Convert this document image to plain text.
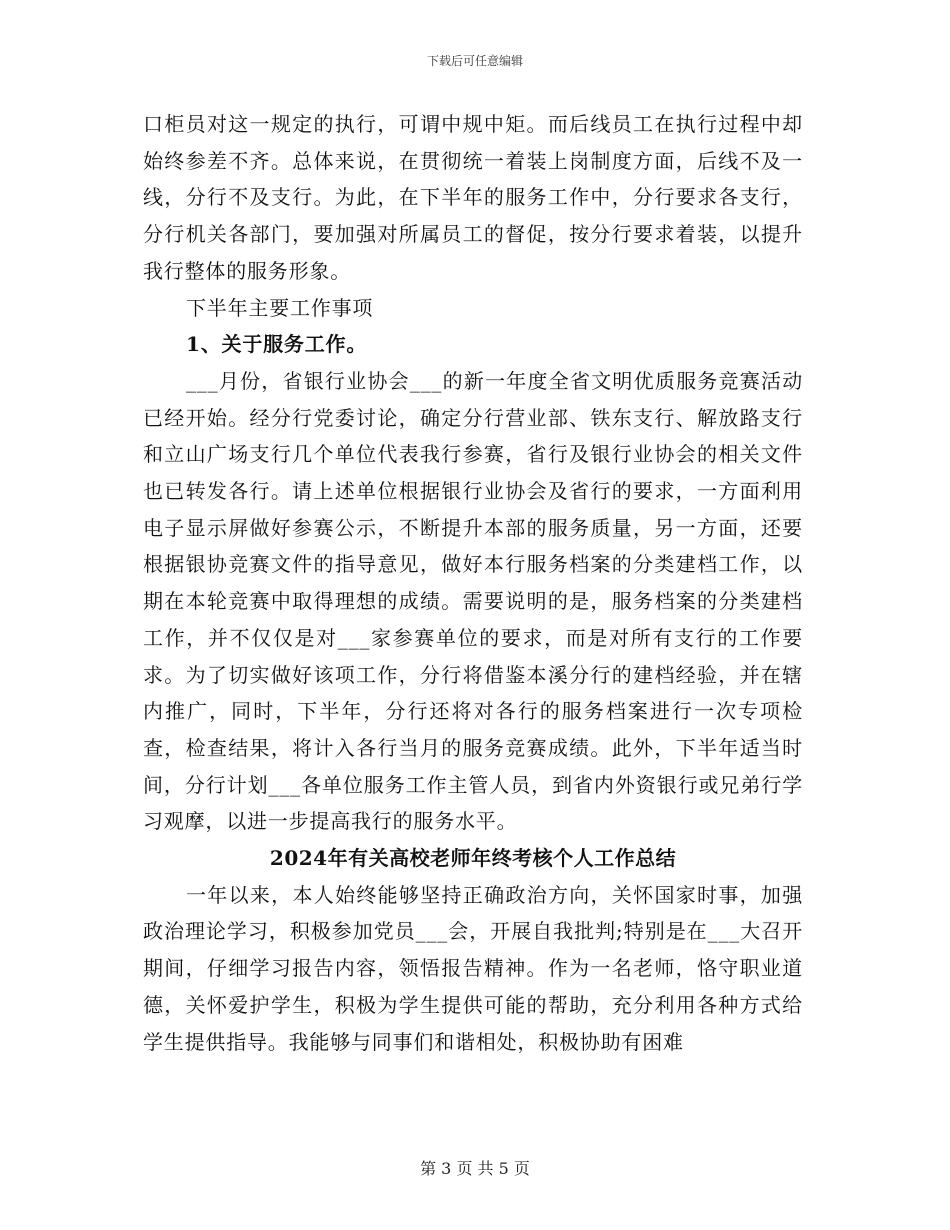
下载后可任意编辑

口柜员对这一规定的执行，可谓中规中矩。而后线员工在执行过程中却始终参差不齐。总体来说，在贯彻统一着装上岗制度方面，后线不及一线，分行不及支行。为此，在下半年的服务工作中，分行要求各支行，分行机关各部门，要加强对所属员工的督促，按分行要求着装，以提升我行整体的服务形象。

下半年主要工作事项

1、关于服务工作。

___月份，省银行业协会___的新一年度全省文明优质服务竞赛活动已经开始。经分行党委讨论，确定分行营业部、铁东支行、解放路支行和立山广场支行几个单位代表我行参赛，省行及银行业协会的相关文件也已转发各行。请上述单位根据银行业协会及省行的要求，一方面利用电子显示屏做好参赛公示，不断提升本部的服务质量，另一方面，还要根据银协竞赛文件的指导意见，做好本行服务档案的分类建档工作，以期在本轮竞赛中取得理想的成绩。需要说明的是，服务档案的分类建档工作，并不仅仅是对___家参赛单位的要求，而是对所有支行的工作要求。为了切实做好该项工作，分行将借鉴本溪分行的建档经验，并在辖内推广，同时，下半年，分行还将对各行的服务档案进行一次专项检查，检查结果，将计入各行当月的服务竞赛成绩。此外，下半年适当时间，分行计划___各单位服务工作主管人员，到省内外资银行或兄弟行学习观摩，以进一步提高我行的服务水平。

2024年有关高校老师年终考核个人工作总结

一年以来，本人始终能够坚持正确政治方向，关怀国家时事，加强政治理论学习，积极参加党员___会，开展自我批判;特别是在___大召开期间，仔细学习报告内容，领悟报告精神。作为一名老师，恪守职业道德，关怀爱护学生，积极为学生提供可能的帮助，充分利用各种方式给学生提供指导。我能够与同事们和谐相处，积极协助有困难

第 3 页 共 5 页
